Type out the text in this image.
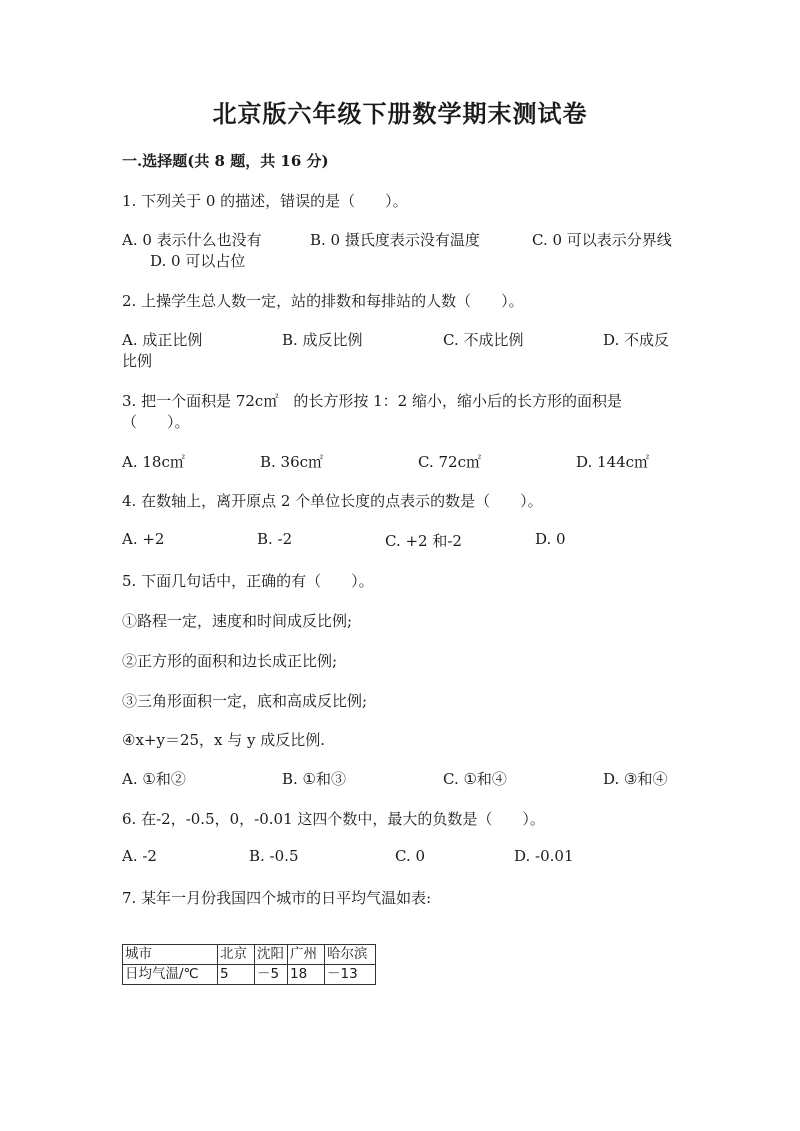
北京版六年级下册数学期末测试卷
一.选择题(共 8 题，共 16 分)
1. 下列关于 0 的描述，错误的是（　　）。
A. 0 表示什么也没有	B. 0 摄氏度表示没有温度	C. 0 可以表示分界线
D. 0 可以占位
2. 上操学生总人数一定，站的排数和每排站的人数（　　）。
A. 成正比例	B. 成反比例	C. 不成比例	D. 不成反
比例
3. 把一个面积是 72c㎡　的长方形按 1：2 缩小，缩小后的长方形的面积是
（　　）。
A. 18c㎡	B. 36c㎡	C. 72c㎡	D. 144c㎡
4. 在数轴上，离开原点 2 个单位长度的点表示的数是（　　）。
A. +2	B. -2	C. +2 和-2	D. 0
5. 下面几句话中，正确的有（　　）。
①路程一定，速度和时间成反比例;
②正方形的面积和边长成正比例;
③三角形面积一定，底和高成反比例;
④x+y＝25，x 与 y 成反比例.
A. ①和②	B. ①和③	C. ①和④	D. ③和④
6. 在-2，-0.5，0，-0.01 这四个数中，最大的负数是（　　）。
A. -2	B. -0.5	C. 0	D. -0.01
7. 某年一月份我国四个城市的日平均气温如表:
城市	北京	沈阳	广州	哈尔滨
日均气温/℃	5	－5	18	－13
